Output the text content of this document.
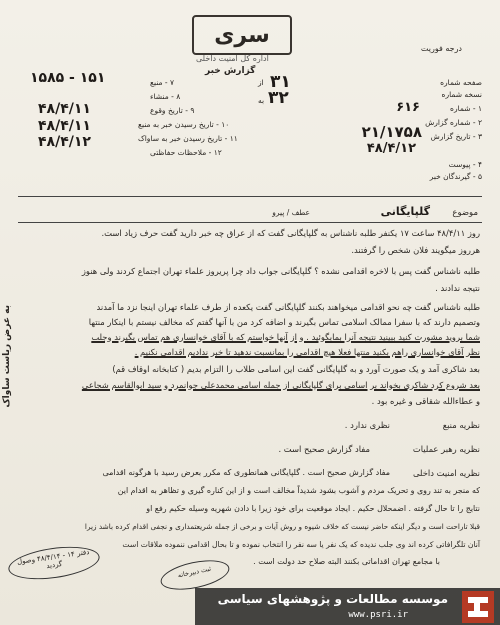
سری
اداره کل امنیت داخلی
گزارش خبر
درجه فوریت
صفحه شماره
نسخه شماره
۱ - شماره
۶۱۶
۲ - شماره گزارش
۲۱/۱۷۵۸ ۳ - تاریخ گزارش
۴۸/۴/۱۲
۴ - پیوست
۵ - گیرندگان خبر
از ۳۱
به ۳۲
۷ - منبع
۱۵۸۵ - ۱۵۱
۸ - منشاء
۹ - تاریخ وقوع
۴۸/۴/۱۱
۱۰ - تاریخ رسیدن خبر به منبع
۴۸/۴/۱۱
۱۱ - تاریخ رسیدن خبر به ساواک
۴۸/۴/۱۲
۱۲ - ملاحظات حفاظتی
عطف / پیرو	موضوع
گلپایگانی
روز ۴۸/۴/۱۱ ساعت ۱۷ یکنفر طلبه ناشناس به گلپایگانی گفت که از عراق چه خبر دارید گفت حرف زیاد است.
هرروز میگویند فلان شخص را گرفتند.
طلبه ناشناس گفت پس با لاخره اقدامی نشده ؟ گلپایگانی جواب داد چرا پریروز علماء تهران اجتماع کردند ولی هنوز
نتیجه ندادند .
طلبه ناشناس گفت چه نحو اقدامی میخواهند بکنند گلپایگانی گفت یکعده از طرف علماء تهران اینجا نزد ما آمدند
وتصمیم دارند که با سفرا ممالک اسلامی تماس بگیرند و اضافه کرد من با آنها گفتم که مخالف نیستم با اینکار منتها
شما بروید مشورت کنید ببینید نتیجه آنرا بمابگوئید . و از آنها خواستم که با آقای خوانساری هم تماس بگیرند وجلب
نظر آقای خوانساری راهم بکنید منتها فعلا هیچ اقدامی را بمانسبت ندهید تا خبر ندادیم اقدامی نکنیم .
بعد شاکری آمد و یک صورت آورد و به گلپایگانی گفت این اسامی طلاب را التزام بدیم ( کتابخانه اوقاف قم)
بعد شروع کرد شاکری بخواند بر اسامی برای گلپایگانی از جمله اسامی محمدعلی جوانمرد و سید ابوالقاسم شجاعی
و عطاءالله شقاقی و غیره بود .
نظریه منبع
نظری ندارد .
نظریه رهبر عملیات
مفاد گزارش صحیح است .
نظریه امنیت داخلی
مفاد گزارش صحیح است . گلپایگانی همانطوری که مکرر بعرض رسید با هرگونه اقدامی
که منجر به تند روی و تحریک مردم و آشوب بشود شدیداً مخالف است و از این کناره گیری و تظاهر به اقدام این
نتایج را تا حال گرفته . اضمحلال حکیم . ایجاد موقعیت برای خود زیرا با دادن شهریه وسیله حکیم رفع او
قبلا تاراحت است و دیگر اینکه حاضر نیست که خلاف شیوه و روش آیات و برخی از جمله شریعتمداری و نجفی اقدام کرده باشد زیرا
آنان تلگرافاتی کرده اند وی جلب ندیده که یک نفر یا سه نفر را انتخاب نموده و تا بحال اقدامی ننموده ملاقات است
با مجامع تهران اقداماتی بکنند البته صلاح حد دولت است .
به عرض ریاست ساواک
دفتر ۱۴ - ۴۸/۴/۱۴ وصول گردید	ثبت دبیرخانه
موسسه مطالعات و پژوهشهای سیاسی
www.psri.ir
